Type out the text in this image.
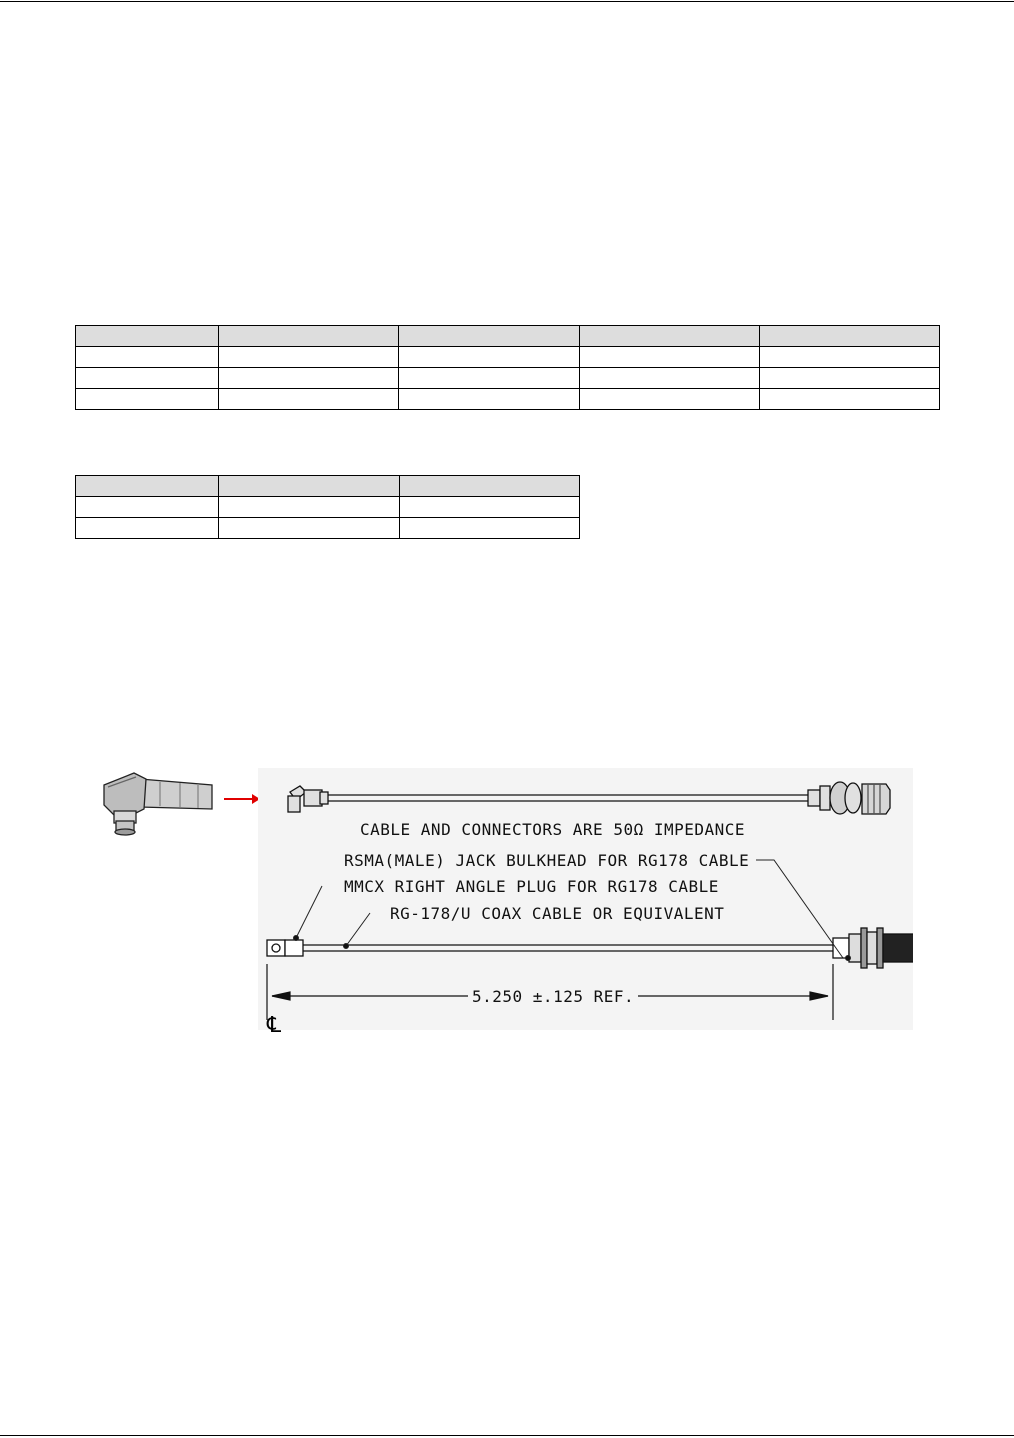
CABLE AND CONNECTORS ARE 50Ω IMPEDANCE
RSMA(MALE) JACK BULKHEAD FOR RG178 CABLE
MMCX RIGHT ANGLE PLUG FOR RG178 CABLE
RG-178/U COAX CABLE OR EQUIVALENT
5.250 ±.125 REF.
℄
